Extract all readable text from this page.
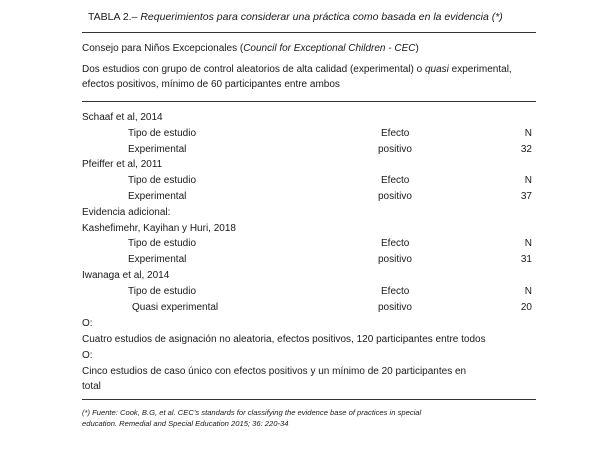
TABLA 2.– Requerimientos para considerar una práctica como basada en la evidencia (*)
Consejo para Niños Excepcionales (Council for Exceptional Children - CEC)
Dos estudios con grupo de control aleatorios de alta calidad (experimental) o quasi experimental,
efectos positivos, mínimo de 60 participantes entre ambos
Schaaf et al, 2014
Tipo de estudio	Efecto	N
Experimental	positivo	32
Pfeiffer et al, 2011
Tipo de estudio	Efecto	N
Experimental	positivo	37
Evidencia adicional:
Kashefimehr, Kayihan y Huri, 2018
Tipo de estudio	Efecto	N
Experimental	positivo	31
Iwanaga et al, 2014
Tipo de estudio	Efecto	N
Quasi experimental	positivo	20
O:
Cuatro estudios de asignación no aleatoria, efectos positivos, 120 participantes entre todos
O:
Cinco estudios de caso único con efectos positivos y un mínimo de 20 participantes en
total
(*) Fuente: Cook, B.G, et al. CEC’s standards for classifying the evidence base of practices in special
education. Remedial and Special Education 2015; 36: 220-34
